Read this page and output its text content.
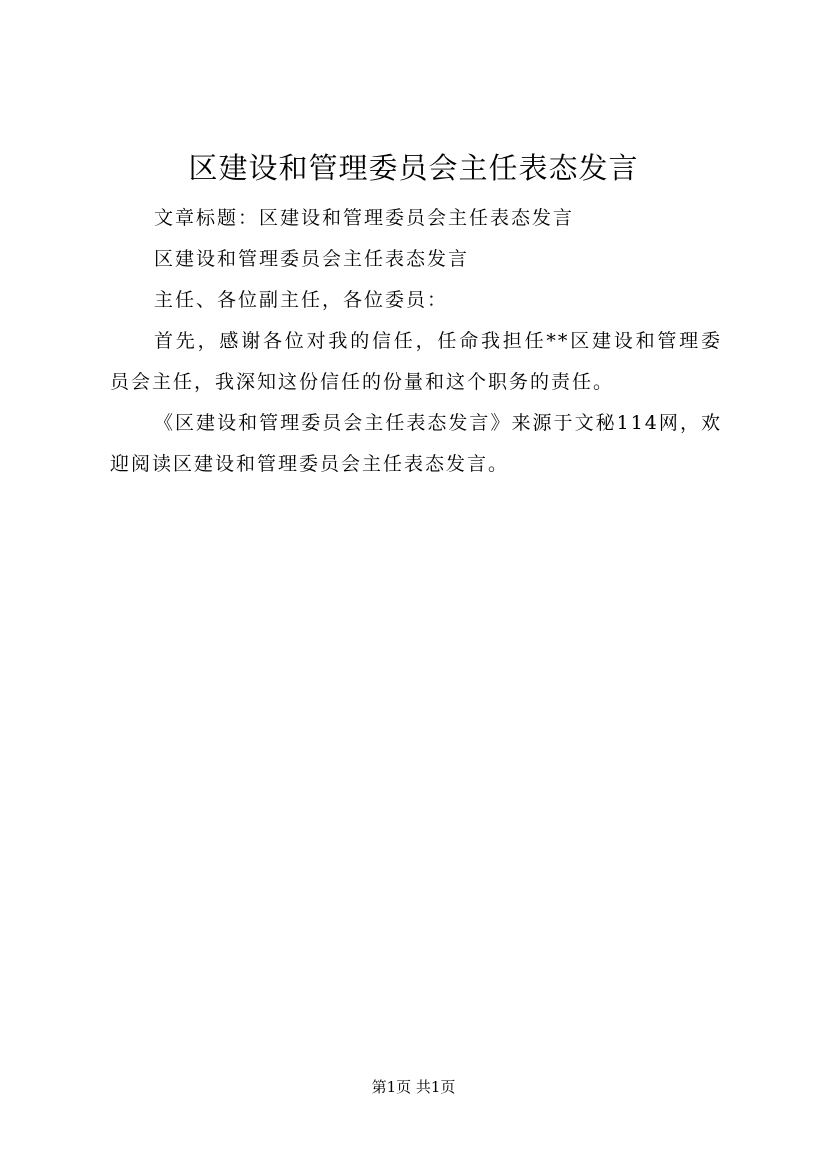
区建设和管理委员会主任表态发言

文章标题：区建设和管理委员会主任表态发言

区建设和管理委员会主任表态发言

主任、各位副主任，各位委员：

首先，感谢各位对我的信任，任命我担任**区建设和管理委员会主任，我深知这份信任的份量和这个职务的责任。

《区建设和管理委员会主任表态发言》来源于文秘114网，欢迎阅读区建设和管理委员会主任表态发言。

第1页 共1页
